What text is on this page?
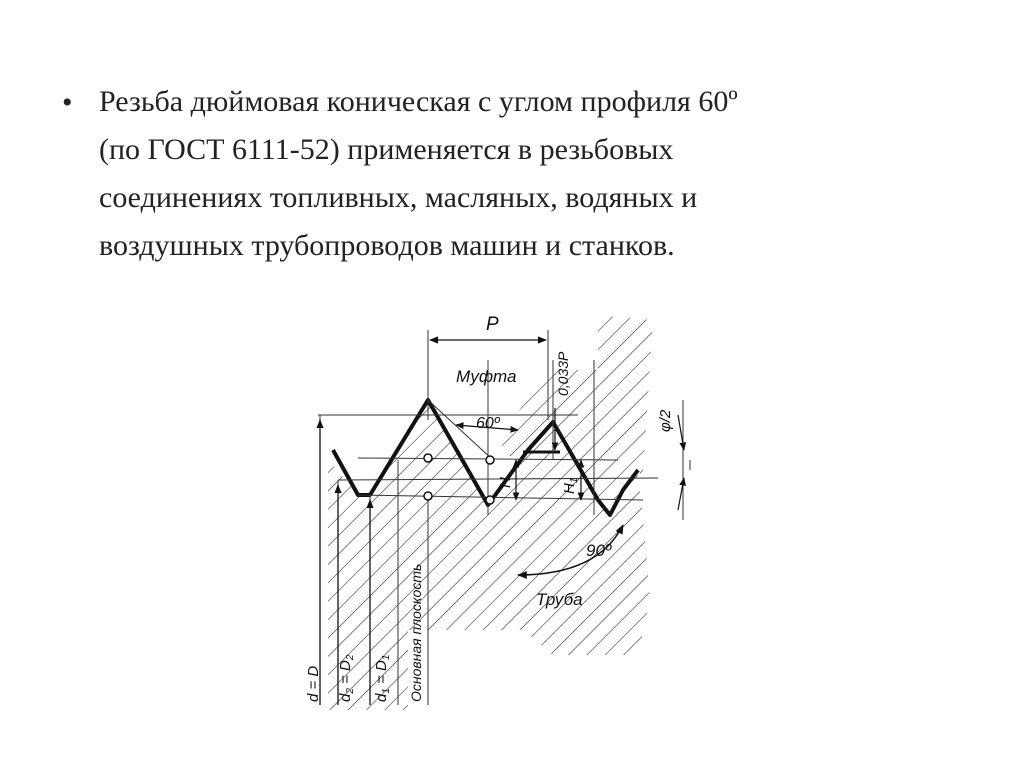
• Резьба дюймовая коническая с углом профиля 60º
(по ГОСТ 6111-52) применяется в резьбовых
соединениях топливных, масляных, водяных и
воздушных трубопроводов машин и станков.
P
Муфта	0,033P
60º	φ/2
H
$H_1$
90º
Труба
d = D $d_2 = D_2$
$d_1 = D_1$ Основная плоскость
